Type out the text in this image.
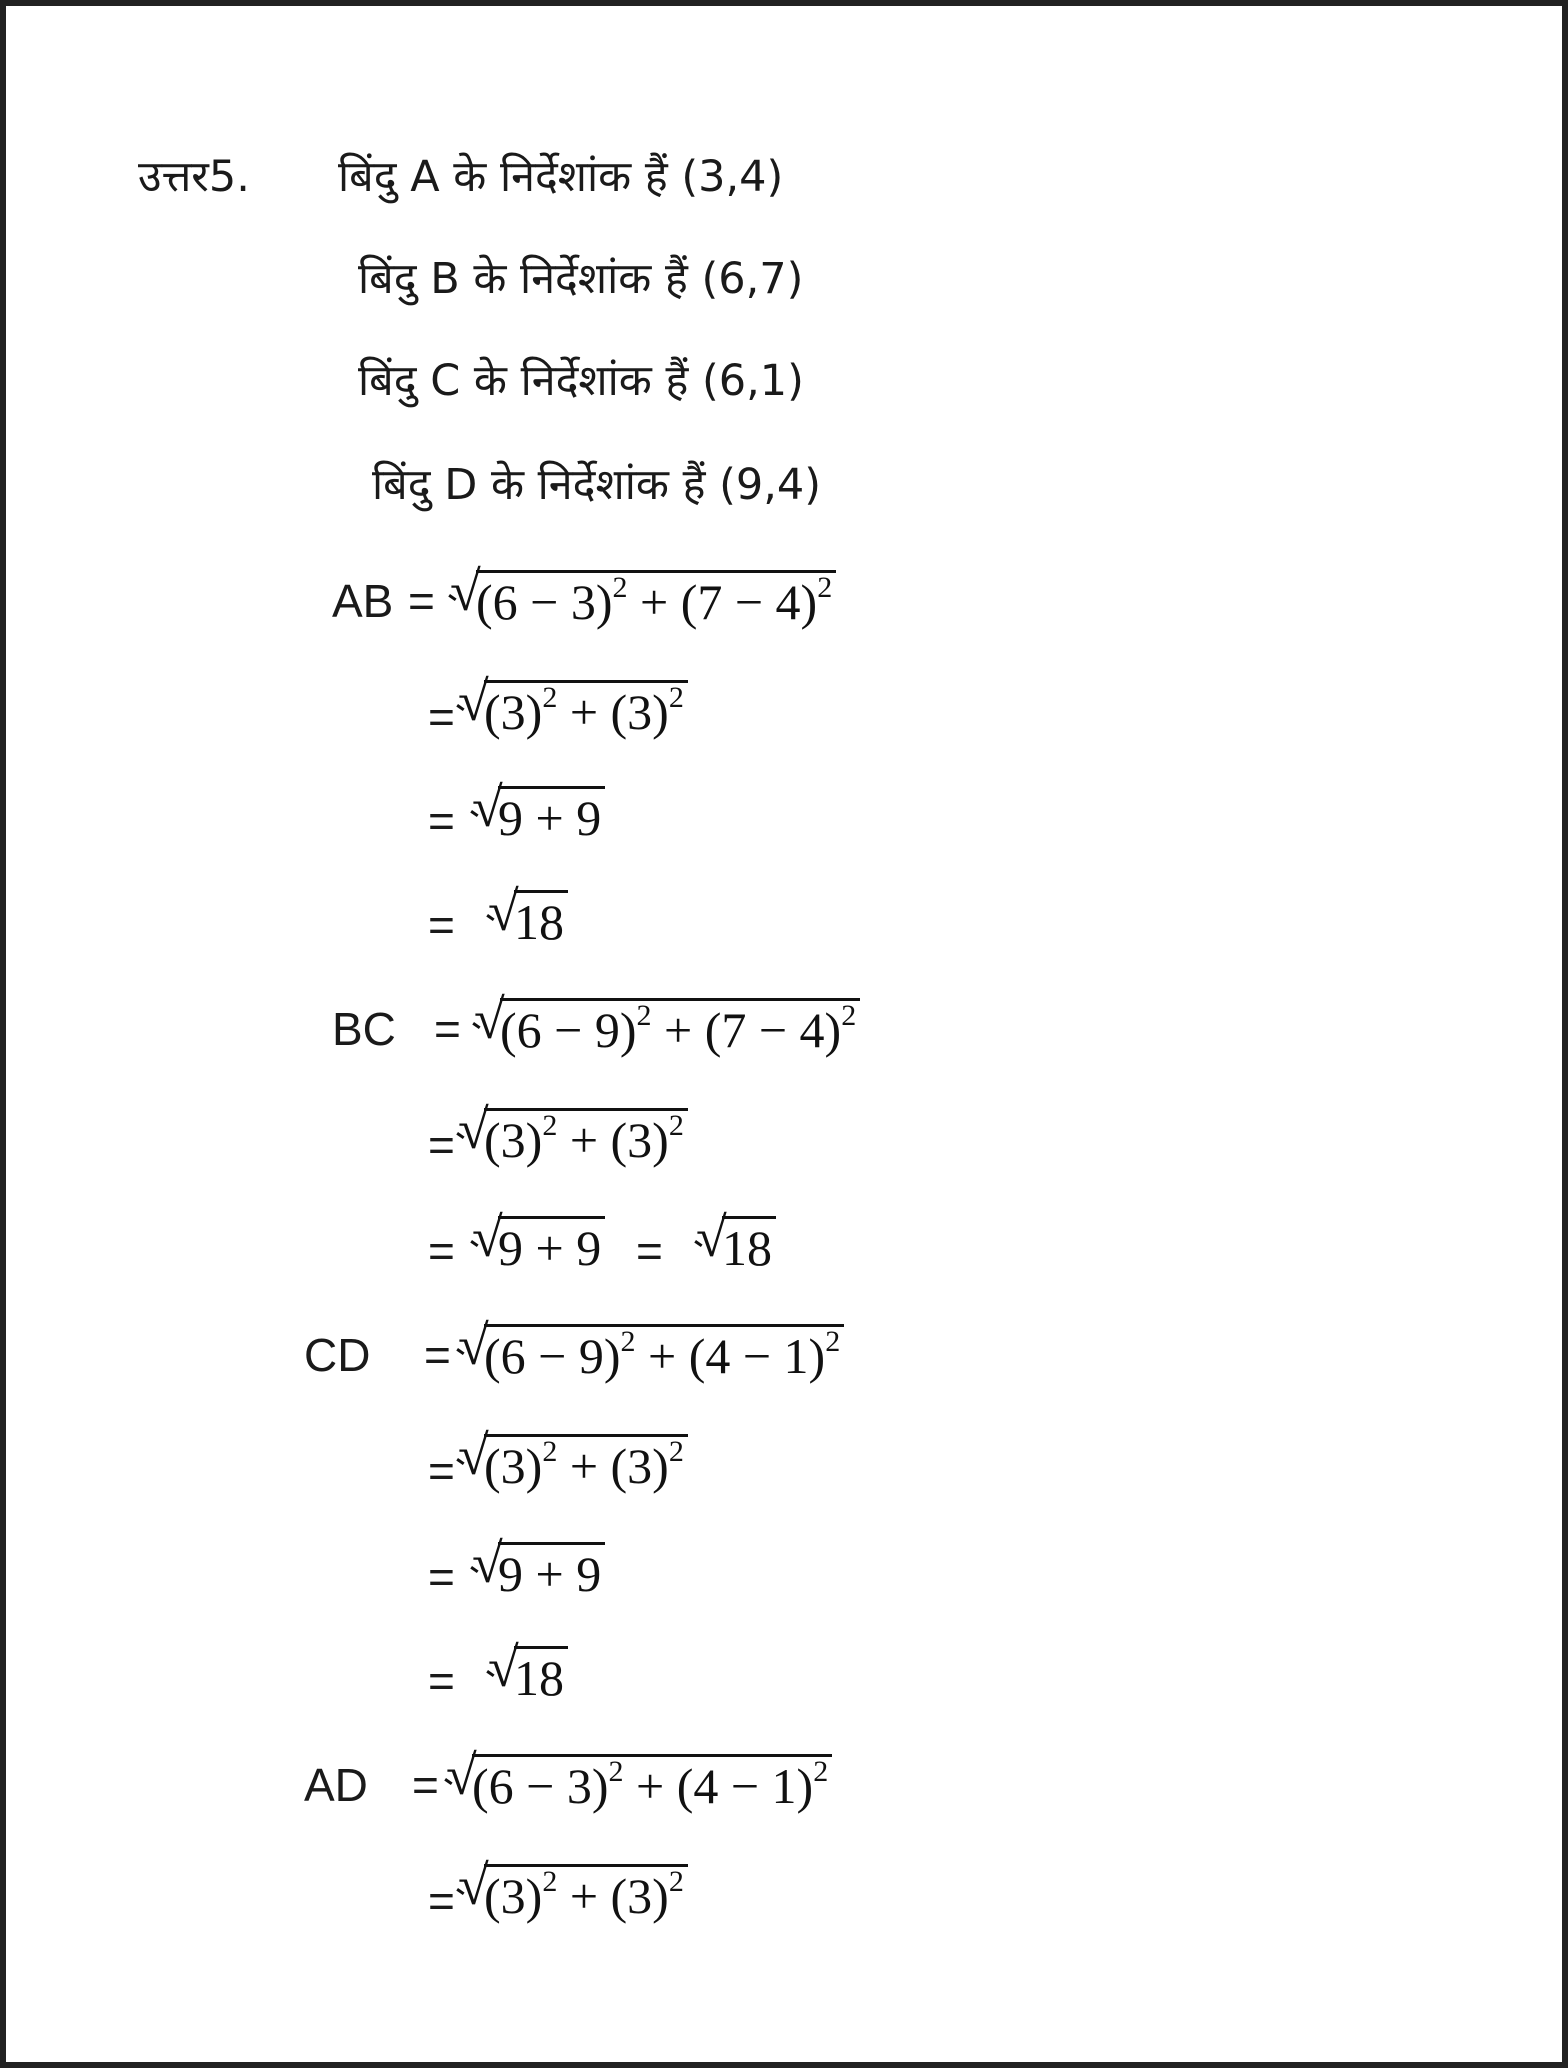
उत्तर5. बिंदु A के निर्देशांक हैं (3,4)
बिंदु B के निर्देशांक हैं (6,7)
बिंदु C के निर्देशांक हैं (6,1)
बिंदु D के निर्देशांक हैं (9,4)
AB = √
$(6 - 3)^2 + (7 - 4)^2$
= √
$(3)^2 + (3)^2$
= √
9 + 9
= √
18
BC = √
$(6 - 9)^2 + (7 - 4)^2$
= √
$(3)^2 + (3)^2$
= √
9 + 9 = √
18
CD = √
$(6 - 9)^2 + (4 - 1)^2$
= √
$(3)^2 + (3)^2$
= √
9 + 9
= √
18
AD = √
$(6 - 3)^2 + (4 - 1)^2$
= √
$(3)^2 + (3)^2$
